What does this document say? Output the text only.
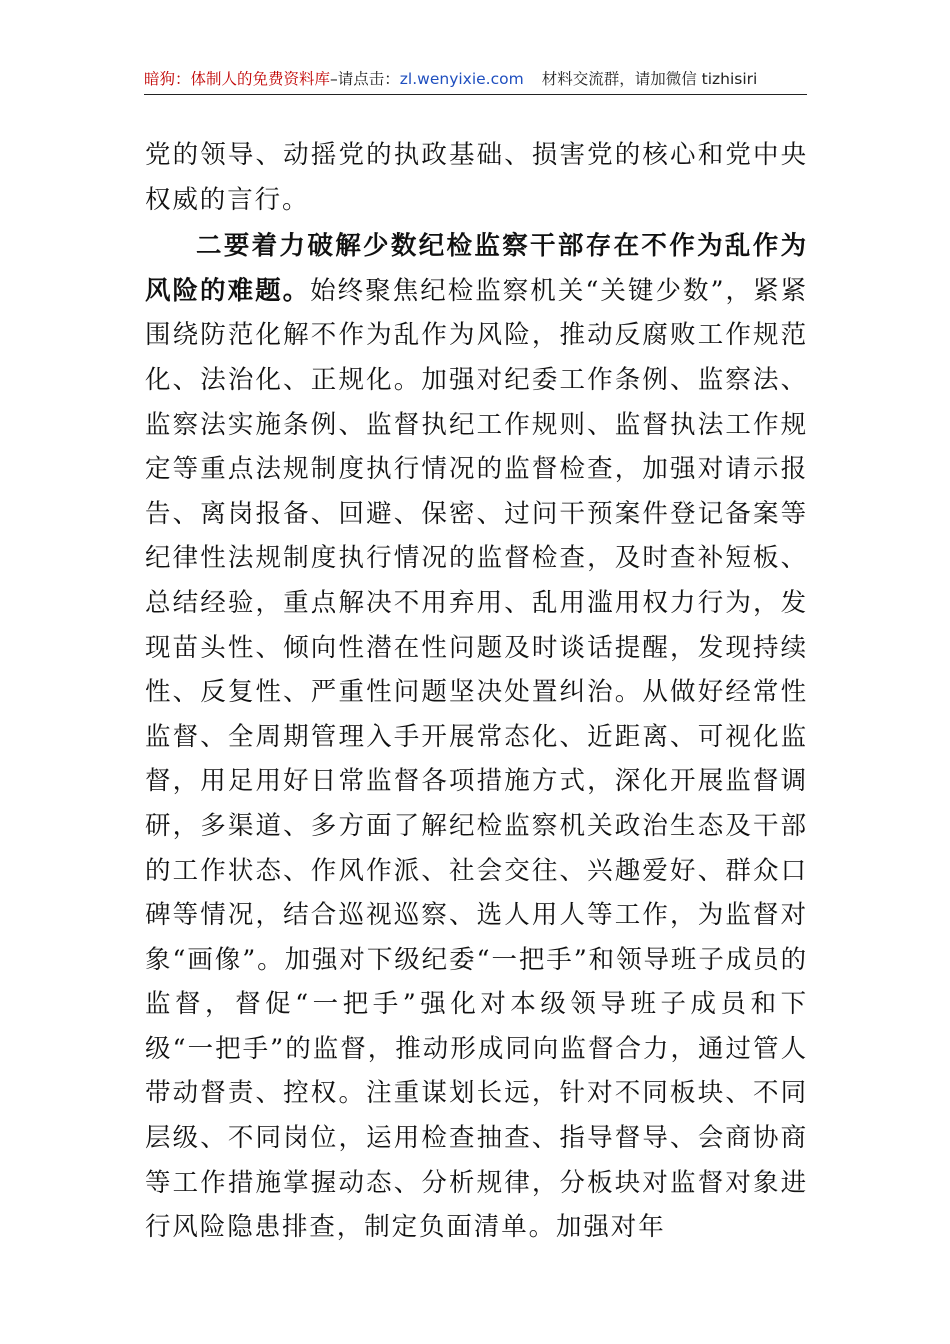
暗狗：体制人的免费资料库–请点击：zl.wenyixie.com 材料交流群，请加微信 tizhisiri

党的领导、动摇党的执政基础、损害党的核心和党中央权威的言行。

二要着力破解少数纪检监察干部存在不作为乱作为风险的难题。始终聚焦纪检监察机关“关键少数”，紧紧围绕防范化解不作为乱作为风险，推动反腐败工作规范化、法治化、正规化。加强对纪委工作条例、监察法、监察法实施条例、监督执纪工作规则、监督执法工作规定等重点法规制度执行情况的监督检查，加强对请示报告、离岗报备、回避、保密、过问干预案件登记备案等纪律性法规制度执行情况的监督检查，及时查补短板、总结经验，重点解决不用弃用、乱用滥用权力行为，发现苗头性、倾向性潜在性问题及时谈话提醒，发现持续性、反复性、严重性问题坚决处置纠治。从做好经常性监督、全周期管理入手开展常态化、近距离、可视化监督，用足用好日常监督各项措施方式，深化开展监督调研，多渠道、多方面了解纪检监察机关政治生态及干部的工作状态、作风作派、社会交往、兴趣爱好、群众口碑等情况，结合巡视巡察、选人用人等工作，为监督对象“画像”。加强对下级纪委“一把手”和领导班子成员的监督，督促“一把手”强化对本级领导班子成员和下级“一把手”的监督，推动形成同向监督合力，通过管人带动督责、控权。注重谋划长远，针对不同板块、不同层级、不同岗位，运用检查抽查、指导督导、会商协商等工作措施掌握动态、分析规律，分板块对监督对象进行风险隐患排查，制定负面清单。加强对年
